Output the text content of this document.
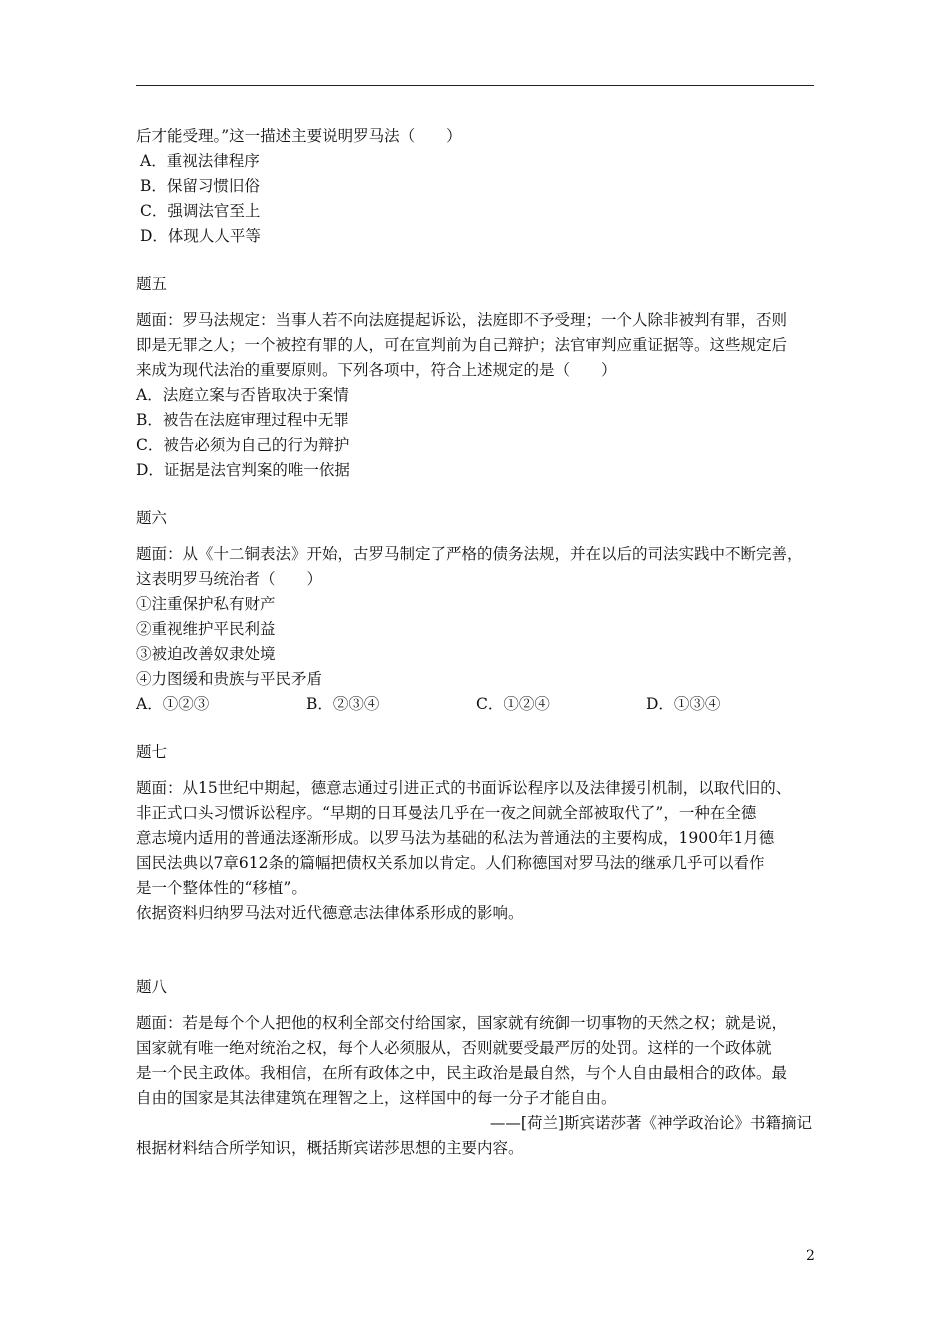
后才能受理。”这一描述主要说明罗马法（　　）
A．重视法律程序
B．保留习惯旧俗
C．强调法官至上
D．体现人人平等
题五
题面：罗马法规定：当事人若不向法庭提起诉讼，法庭即不予受理；一个人除非被判有罪，否则
即是无罪之人；一个被控有罪的人，可在宣判前为自己辩护；法官审判应重证据等。这些规定后
来成为现代法治的重要原则。下列各项中，符合上述规定的是（　　）
A．法庭立案与否皆取决于案情
B．被告在法庭审理过程中无罪
C．被告必须为自己的行为辩护
D．证据是法官判案的唯一依据
题六
题面：从《十二铜表法》开始，古罗马制定了严格的债务法规，并在以后的司法实践中不断完善，
这表明罗马统治者（　　）
①注重保护私有财产
②重视维护平民利益
③被迫改善奴隶处境
④力图缓和贵族与平民矛盾
A．①②③	B．②③④	C．①②④	D．①③④
题七
题面：从15世纪中期起，德意志通过引进正式的书面诉讼程序以及法律援引机制，以取代旧的、
非正式口头习惯诉讼程序。“早期的日耳曼法几乎在一夜之间就全部被取代了”，一种在全德
意志境内适用的普通法逐渐形成。以罗马法为基础的私法为普通法的主要构成，1900年1月德
国民法典以7章612条的篇幅把债权关系加以肯定。人们称德国对罗马法的继承几乎可以看作
是一个整体性的“移植”。
依据资料归纳罗马法对近代德意志法律体系形成的影响。
题八
题面：若是每个个人把他的权利全部交付给国家，国家就有统御一切事物的天然之权；就是说，
国家就有唯一绝对统治之权，每个人必须服从，否则就要受最严厉的处罚。这样的一个政体就
是一个民主政体。我相信，在所有政体之中，民主政治是最自然，与个人自由最相合的政体。最
自由的国家是其法律建筑在理智之上，这样国中的每一分子才能自由。
——[荷兰]斯宾诺莎著《神学政治论》书籍摘记
根据材料结合所学知识，概括斯宾诺莎思想的主要内容。
2
